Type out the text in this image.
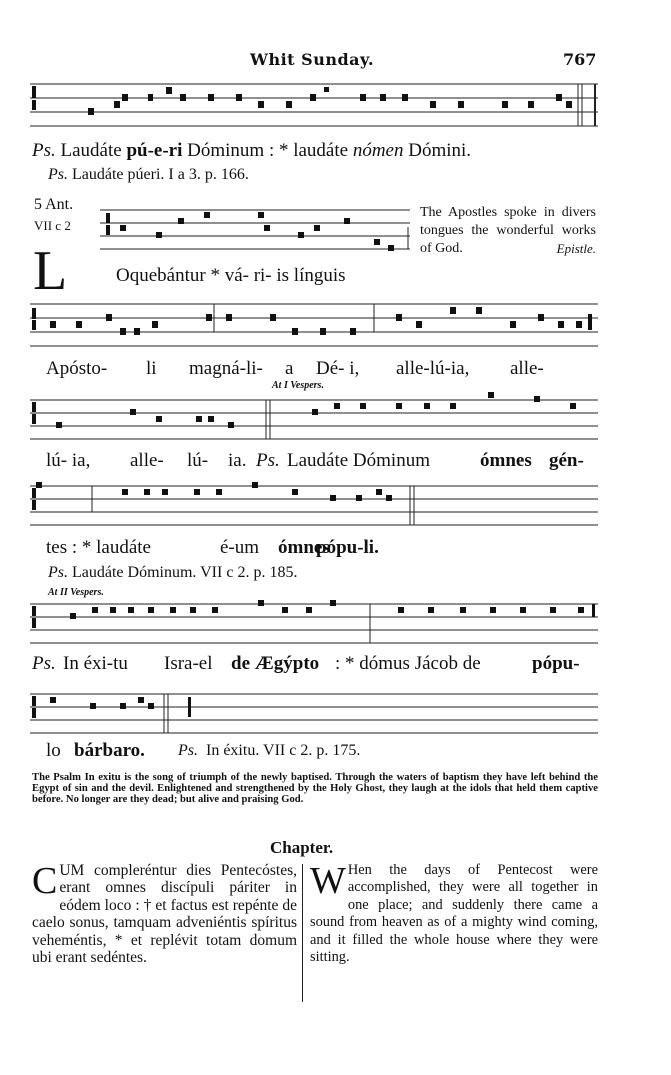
Whit Sunday.	767
Ps. Laudáte pú-e-ri Dóminum : * laudáte nómen Dómini.
Ps. Laudáte púeri. I a 3. p. 166.
5 Ant.
VII c 2
L	Oquebántur * vá- ri- is línguis
The Apostles spoke in divers tongues the wonderful works of God.	Epistle.
Apósto- li magná-li- a Dé- i, alle-lú-ia, alle-
At I Vespers.
lú- ia, alle- lú- ia. Ps. Laudáte Dóminum	ómnes gén-
tes : * laudáte	é-um ómnes
pópu-li.
Ps. Laudáte Dóminum. VII c 2. p. 185.
At II Vespers.
Ps. In éxi-tu Isra-el de Ægýpto : * dómus Jácob de	pópu-
lo bárbaro. Ps. In éxitu. VII c 2. p. 175.
The Psalm In exitu is the song of triumph of the newly baptised. Through the waters of baptism they have left behind the Egypt of sin and the devil. Enlightened and strengthened by the Holy Ghost, they laugh at the idols that held them captive before. No longer are they dead; but alive and praising God.
Chapter.
C UM compleréntur dies Pentecóstes, erant omnes discípuli páriter in eódem loco : † et factus est repénte de caelo sonus, tamquam adveniéntis spíritus veheméntis, * et replévit totam domum ubi erant sedéntes.
W Hen the days of Pentecost were accomplished, they were all together in one place; and suddenly there came a sound from heaven as of a mighty wind coming, and it filled the whole house where they were sitting.
